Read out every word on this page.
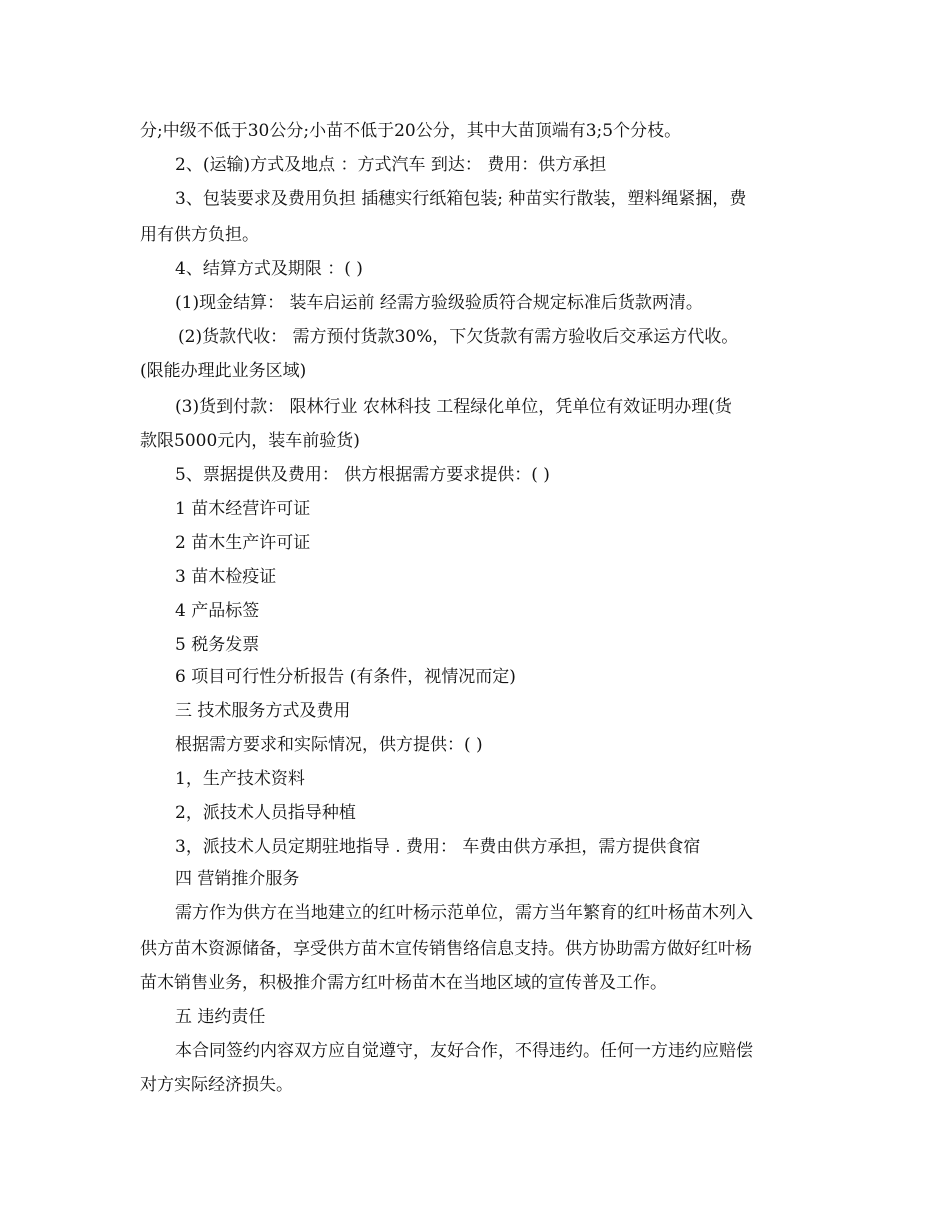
分;中级不低于30公分;小苗不低于20公分，其中大苗顶端有3;5个分枝。
2、(运输)方式及地点 ：方式汽车 到达： 费用：供方承担
3、包装要求及费用负担 插穗实行纸箱包装; 种苗实行散装，塑料绳紧捆，费
用有供方负担。
4、结算方式及期限 ：( )
(1)现金结算： 装车启运前 经需方验级验质符合规定标准后货款两清。
(2)货款代收： 需方预付货款30%，下欠货款有需方验收后交承运方代收。
(限能办理此业务区域)
(3)货到付款： 限林行业 农林科技 工程绿化单位，凭单位有效证明办理(货
款限5000元内，装车前验货)
5、票据提供及费用： 供方根据需方要求提供：( )
1 苗木经营许可证
2 苗木生产许可证
3 苗木检疫证
4 产品标签
5 税务发票
6 项目可行性分析报告 (有条件，视情况而定)
三 技术服务方式及费用
根据需方要求和实际情况，供方提供：( )
1，生产技术资料
2，派技术人员指导种植
3，派技术人员定期驻地指导 . 费用： 车费由供方承担，需方提供食宿
四 营销推介服务
需方作为供方在当地建立的红叶杨示范单位，需方当年繁育的红叶杨苗木列入
供方苗木资源储备，享受供方苗木宣传销售络信息支持。供方协助需方做好红叶杨
苗木销售业务，积极推介需方红叶杨苗木在当地区域的宣传普及工作。
五 违约责任
本合同签约内容双方应自觉遵守，友好合作，不得违约。任何一方违约应赔偿
对方实际经济损失。
